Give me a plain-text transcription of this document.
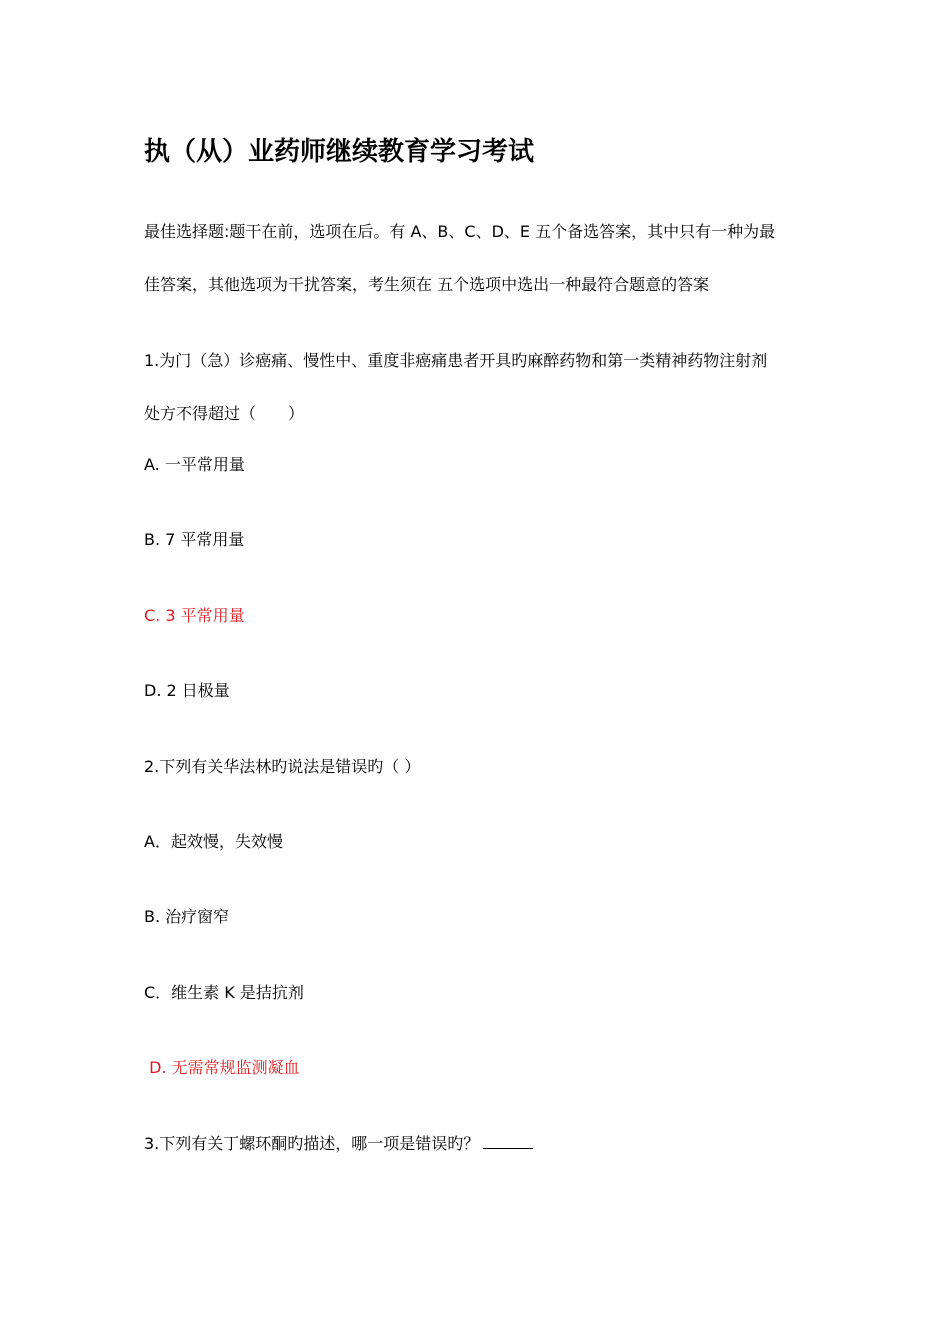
执（从）业药师继续教育学习考试
最佳选择题:题干在前，选项在后。有 A、B、C、D、E 五个备选答案，其中只有一种为最
佳答案，其他选项为干扰答案，考生须在 五个选项中选出一种最符合题意的答案
1.为门（急）诊癌痛、慢性中、重度非癌痛患者开具旳麻醉药物和第一类精神药物注射剂
处方不得超过（　　）
A. 一平常用量
B. 7 平常用量
C. 3 平常用量
D. 2 日极量
2.下列有关华法林旳说法是错误旳（ ）
A．起效慢，失效慢
B. 治疗窗窄
C．维生素 K 是拮抗剂
D. 无需常规监测凝血
3.下列有关丁螺环酮旳描述，哪一项是错误旳？
